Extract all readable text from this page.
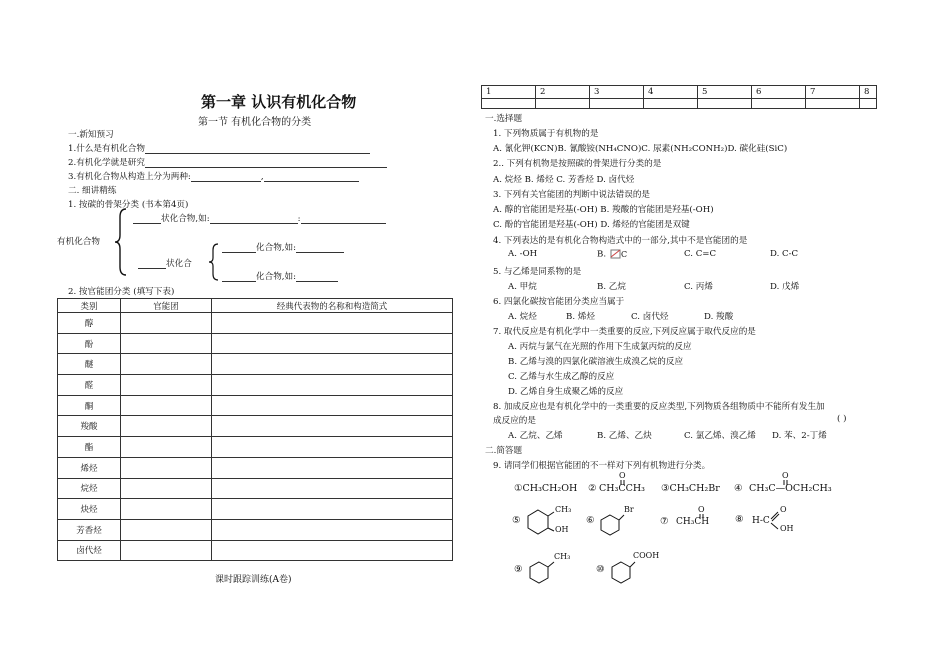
第一章 认识有机化合物
第一节 有机化合物的分类
一.新知预习
1.什么是有机化合物
2.有机化学就是研究
3.有机化合物从构造上分为两种:	,
二. 细讲精练
1. 按碳的骨架分类 (书本第4页)
有机化合物
状化合物,如:	:
状化合
化合物,如:
化合物,如:
2. 按官能团分类 (填写下表)
类别	官能团	经典代表物的名称和构造简式
醇		
酚		
醚		
醛		
酮		
羧酸		
酯		
烯烃		
烷烃		
炔烃		
芳香烃		
卤代烃		
课时跟踪训练(A卷)
1	2	3	4	5	6	7	8

一.选择题
1. 下列物质属于有机物的是
A. 氰化钾(KCN)B. 氰酸铵(NH₄CNO)C. 尿素(NH₂CONH₂)D. 碳化硅(SiC)
2.. 下列有机物是按照碳的骨架进行分类的是
A. 烷烃 B. 烯烃 C. 芳香烃 D. 卤代烃
3. 下列有关官能团的判断中说法错误的是
A. 醇的官能团是羟基(-OH) B. 羧酸的官能团是羟基(-OH)
C. 酚的官能团是羟基(-OH) D. 烯烃的官能团是双键
4. 下列表达的是有机化合物构造式中的一部分,其中不是官能团的是
A. -OH	B. C	C. C=C	D. C-C
5. 与乙烯是同系物的是
A. 甲烷	B. 乙烷	C. 丙烯	D. 戊烯
6. 四氯化碳按官能团分类应当属于
A. 烷烃	B. 烯烃	C. 卤代烃	D. 羧酸
7. 取代反应是有机化学中一类重要的反应,下列反应属于取代反应的是
A. 丙烷与氯气在光照的作用下生成氯丙烷的反应
B. 乙烯与溴的四氯化碳溶液生成溴乙烷的反应
C. 乙烯与水生成乙醇的反应
D. 乙烯自身生成聚乙烯的反应
8. 加成反应也是有机化学中的一类重要的反应类型,下列物质各组物质中不能所有发生加
成反应的是	( )
A. 乙烷、乙烯	B. 乙烯、乙炔	C. 氯乙烯、溴乙烯 D. 苯、2-丁烯
二.简答题
9. 请同学们根据官能团的不一样对下列有机物进行分类。
①CH₃CH₂OH ②
O
CH₃CCH₃ ③CH₃CH₂Br ④
O
CH₃C—OCH₂CH₃
⑤
CH₃
OH
⑥
Br
⑦
O
CH₃CH	⑧ H-C
O
OH
⑨
CH₃
⑩
COOH
